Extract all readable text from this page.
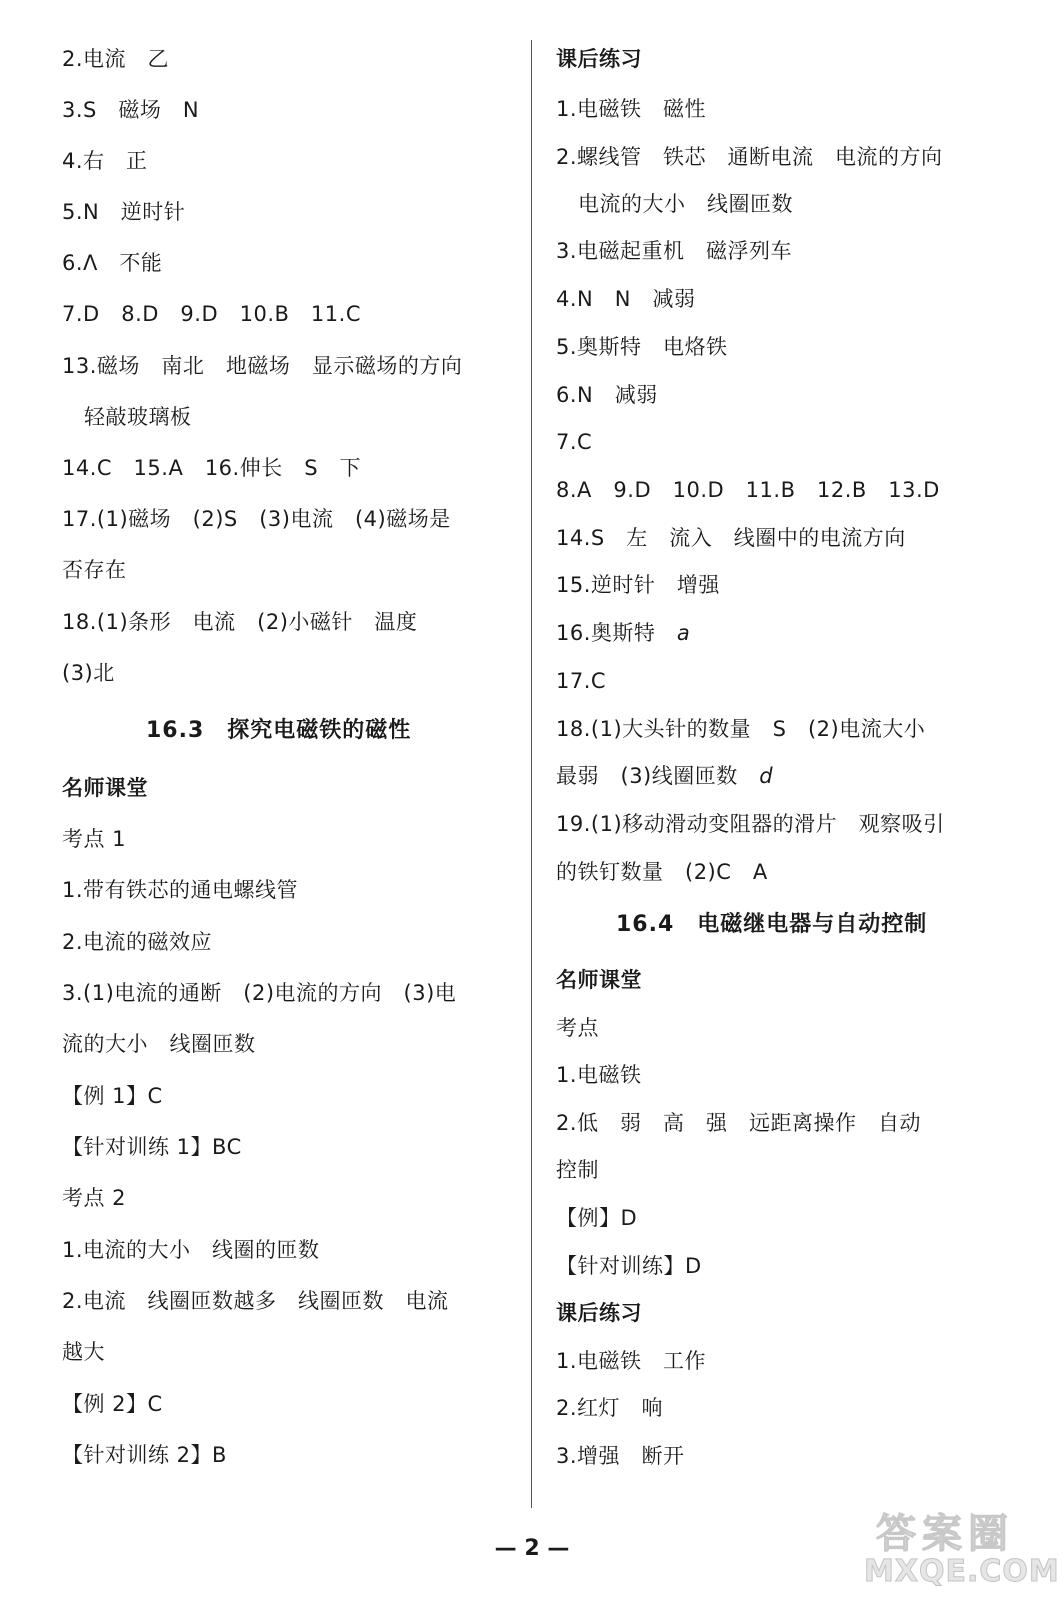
2.电流　乙
3.S　磁场　N
4.右　正
5.N　逆时针
6.Λ　不能
7.D　8.D　9.D　10.B　11.C
13.磁场　南北　地磁场　显示磁场的方向
轻敲玻璃板
14.C　15.A　16.伸长　S　下
17.(1)磁场　(2)S　(3)电流　(4)磁场是
否存在
18.(1)条形　电流　(2)小磁针　温度
(3)北
16.3　探究电磁铁的磁性
名师课堂
考点 1
1.带有铁芯的通电螺线管
2.电流的磁效应
3.(1)电流的通断　(2)电流的方向　(3)电
流的大小　线圈匝数
【例 1】C
【针对训练 1】BC
考点 2
1.电流的大小　线圈的匝数
2.电流　线圈匝数越多　线圈匝数　电流
越大
【例 2】C
【针对训练 2】B
课后练习
1.电磁铁　磁性
2.螺线管　铁芯　通断电流　电流的方向
电流的大小　线圈匝数
3.电磁起重机　磁浮列车
4.N　N　减弱
5.奥斯特　电烙铁
6.N　减弱
7.C
8.A　9.D　10.D　11.B　12.B　13.D
14.S　左　流入　线圈中的电流方向
15.逆时针　增强
16.奥斯特　a
17.C
18.(1)大头针的数量　S　(2)电流大小
最弱　(3)线圈匝数　d
19.(1)移动滑动变阻器的滑片　观察吸引
的铁钉数量　(2)C　A
16.4　电磁继电器与自动控制
名师课堂
考点
1.电磁铁
2.低　弱　高　强　远距离操作　自动
控制
【例】D
【针对训练】D
课后练习
1.电磁铁　工作
2.红灯　响
3.增强　断开
— 2 —	答案圈
MXQE.COM
